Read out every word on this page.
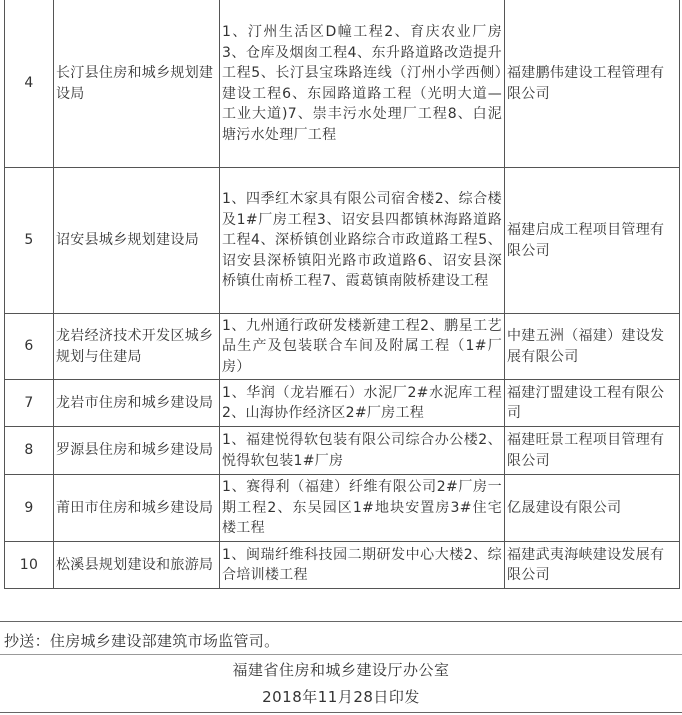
4	长汀县住房和城乡规划建设局	1、汀州生活区D幢工程2、育庆农业厂房3、仓库及烟囱工程4、东升路道路改造提升工程5、长汀县宝珠路连线（汀州小学西侧）建设工程6、东园路道路工程（光明大道—工业大道)7、崇丰污水处理厂工程8、白泥塘污水处理厂工程	福建鹏伟建设工程管理有限公司
5	诏安县城乡规划建设局	1、四季红木家具有限公司宿舍楼2、综合楼及1#厂房工程3、诏安县四都镇林海路道路工程4、深桥镇创业路综合市政道路工程5、诏安县深桥镇阳光路市政道路6、诏安县深桥镇仕南桥工程7、霞葛镇南陂桥建设工程	福建启成工程项目管理有限公司
6	龙岩经济技术开发区城乡规划与住建局	1、九州通行政研发楼新建工程2、鹏星工艺品生产及包装联合车间及附属工程（1#厂房）	中建五洲（福建）建设发展有限公司
7	龙岩市住房和城乡建设局	1、华润（龙岩雁石）水泥厂2#水泥库工程2、山海协作经济区2#厂房工程	福建汀盟建设工程有限公司
8	罗源县住房和城乡建设局	1、福建悦得软包装有限公司综合办公楼2、悦得软包装1#厂房	福建旺景工程项目管理有限公司
9	莆田市住房和城乡建设局	1、赛得利（福建）纤维有限公司2#厂房一期工程2、东吴园区1#地块安置房3#住宅楼工程	亿晟建设有限公司
10	松溪县规划建设和旅游局	1、闽瑞纤维科技园二期研发中心大楼2、综合培训楼工程	福建武夷海峡建设发展有限公司
抄送：住房城乡建设部建筑市场监管司。
福建省住房和城乡建设厅办公室
2018年11月28日印发
